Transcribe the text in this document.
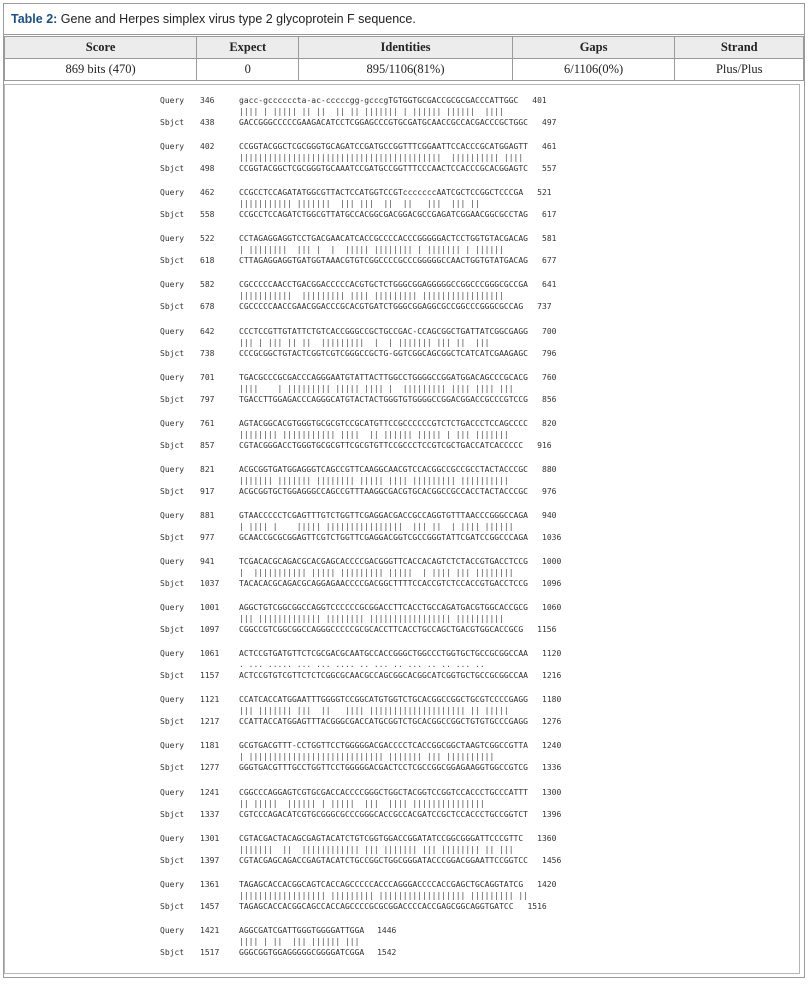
Table 2: Gene and Herpes simplex virus type 2 glycoprotein F sequence.
Score	Expect	Identities	Gaps	Strand
869 bits (470)	0	895/1106(81%)	6/1106(0%)	Plus/Plus
Query	346	gacc-gccccccta-ac-cccccgg-gcccgTGTGGTGCGACCGCGCGACCCATTGGC 401
|||| | ||||| || ||  || || ||||||| | |||||| ||||||  ||||
Sbjct	438	GACCGGGCCCCCGAAGACATCCTCGGAGCCCGTGCGATGCAACCGCCACGACCCGCTGGC 497
Query	402	CCGGTACGGCTCGCGGGTGCAGATCCGATGCCGGTTTCGGAATTCCACCCGCATGGAGTT 461
||||||||||||||||||||||||||||||||||||||||||  |||||||||| ||||
Sbjct	498	CCGGTACGGCTCGCGGGTGCAAATCCGATGCCGGTTTCCCAACTCCACCCGCACGGAGTC 557
Query	462	CCGCCTCCAGATATGGCGTTACTCCATGGTCCGTcccccccAATCGCTCCGGCTCCCGA 521
||||||||||| |||||||  ||| |||  ||  ||   |||  ||| ||
Sbjct	558	CCGCCTCCAGATCTGGCGTTATGCCACGGCGACGGACGCCGAGATCGGAACGGCGCCTAG 617
Query	522	CCTAGAGGAGGTCCTGACGAACATCACCGCCCCACCCGGGGGACTCCTGGTGTACGACAG 581
| ||||||||  ||| |  |  ||||| |||||||| | ||||||| | ||||||
Sbjct	618	CTTAGAGGAGGTGATGGTAAACGTGTCGGCCCCGCCCGGGGGCCAACTGGTGTATGACAG 677
Query	582	CGCCCCCAACCTGACGGACCCCCACGTGCTCTGGGCGGAGGGGGCCGGCCCGGGCGCCGA 641
|||||||||||  ||||||||| |||| ||||||||| |||||||||||||||||
Sbjct	678	CGCCCCCAACCGAACGGACCCGCACGTGATCTGGGCGGAGGCGCCGGCCCGGGCGCCAG 737
Query	642	CCCTCCGTTGTATTCTGTCACCGGGCCGCTGCCGAC-CCAGCGGCTGATTATCGGCGAGG 700
||| | ||| || ||  |||||||||  |  | ||||||| ||| ||  |||
Sbjct	738	CCCGCGGCTGTACTCGGTCGTCGGGCCGCTG-GGTCGGCAGCGGCTCATCATCGAAGAGC 796
Query	701	TGACGCCCGCGACCCAGGGAATGTATTACTTGGCCTGGGGCCGGATGGACAGCCCGCACG 760
||||    | ||||||||| ||||| |||| |  ||||||||| |||| |||| |||
Sbjct	797	TGACCTTGGAGACCCAGGGCATGTACTACTGGGTGTGGGGCCGGACGGACCGCCCGTCCG 856
Query	761	AGTACGGCACGTGGGTGCGCGTCCGCATGTTCCGCCCCCCGTCTCTGACCCTCCAGCCCC 820
|||||||| ||||||||||| ||||  || |||||| ||||| | ||| |||||||
Sbjct	857	CGTACGGGACCTGGGTGCGCGTTCGCGTGTTCCGCCCTCCGTCGCTGACCATCACCCCC 916
Query	821	ACGCGGTGATGGAGGGTCAGCCGTTCAAGGCAACGTCCACGGCCGCCGCCTACTACCCGC 880
||||||| ||||||| |||||||| ||||| |||| ||||||||| ||||||||||
Sbjct	917	ACGCGGTGCTGGAGGGCCAGCCGTTTAAGGCGACGTGCACGGCCGCCACCTACTACCCGC 976
Query	881	GTAACCCCCTCGAGTTTGTCTGGTTCGAGGACGACCGCCAGGTGTTTAACCCGGGCCAGA 940
| |||| |    ||||| ||||||||||||||||  ||| ||  | |||| ||||||
Sbjct	977	GCAACCGCGCGGAGTTCGTCTGGTTCGAGGACGGTCGCCGGGTATTCGATCCGGCCCAGA 1036
Query	941	TCGACACGCAGACGCACGAGCACCCCGACGGGTTCACCACAGTCTCTACCGTGACCTCCG 1000
|  ||||||||||| ||||| ||||||||| |||||  | |||| ||| ||||||||
Sbjct	1037	TACACACGCAGACGCAGGAGAACCCCGACGGCTTTTCCACCGTCTCCACCGTGACCTCCG 1096
Query	1001	AGGCTGTCGGCGGCCAGGTCCCCCCGCGGACCTTCACCTGCCAGATGACGTGGCACCGCG 1060
||| ||||||||||||| |||||||| ||||||||||||||||| ||||||||||
Sbjct	1097	CGGCCGTCGGCGGCCAGGGCCCCCGCGCACCTTCACCTGCCAGCTGACGTGGCACCGCG 1156
Query	1061	ACTCCGTGATGTTCTCGCGACGCAATGCCACCGGGCTGGCCCTGGTGCTGCCGCGGCCAA 1120
. ... ..... ... ... .... .. ... .. ... .. .. ... ..
Sbjct	1157	ACTCCGTGTCGTTCTCTCGGCGCAACGCCAGCGGCACGGCATCGGTGCTGCCGCGGCCAA 1216
Query	1121	CCATCACCATGGAATTTGGGGTCCGGCATGTGGTCTGCACGGCCGGCTGCGTCCCCGAGG 1180
||| ||||||| |||  ||   |||| |||||||||||||||||||| || |||||
Sbjct	1217	CCATTACCATGGAGTTTACGGGCGACCATGCGGTCTGCACGGCCGGCTGTGTGCCCGAGG 1276
Query	1181	GCGTGACGTTT-CCTGGTTCCTGGGGGACGACCCCTCACCGGCGGCTAAGTCGGCCGTTA 1240
| |||||||||||||||||||||||||||| ||||||| ||| ||||||||||
Sbjct	1277	GGGTGACGTTTGCCTGGTTCCTGGGGGACGACTCCTCGCCGGCGGAGAAGGTGGCCGTCG 1336
Query	1241	CGGCCCAGGAGTCGTGCGACCACCCCGGGCTGGCTACGGTCCGGTCCACCCTGCCCATTT 1300
|| |||||  |||||| | |||||  |||  |||| |||||||||||||||
Sbjct	1337	CGTCCCAGACATCGTGCGGGCGCCCGGGCACCGCCACGATCCGCTCCACCCTGCCGGTCT 1396
Query	1301	CGTACGACTACAGCGAGTACATCTGTCGGTGGACCGGATATCCGGCGGGATTCCCGTTC 1360
|||||||  ||  |||||||||||| ||| ||||||| ||| |||||||| || |||
Sbjct	1397	CGTACGAGCAGACCGAGTACATCTGCCGGCTGGCGGGATACCCGGACGGAATTCCGGTCC 1456
Query	1361	TAGAGCACCACGGCAGTCACCAGCCCCCACCCAGGGACCCCACCGAGCTGCAGGTATCG 1420
|||||||||||||||||| ||||||||| |||||||||||||||||| ||||||||| ||
Sbjct	1457	TAGAGCACCACGGCAGCCACCAGCCCCGCGCGGACCCCACCGAGCGGCAGGTGATCC 1516
Query	1421	AGGCGATCGATTGGGTGGGGATTGGA 1446
|||| | ||  ||| |||||| |||
Sbjct	1517	GGGCGGTGGAGGGGGCGGGGATCGGA 1542
